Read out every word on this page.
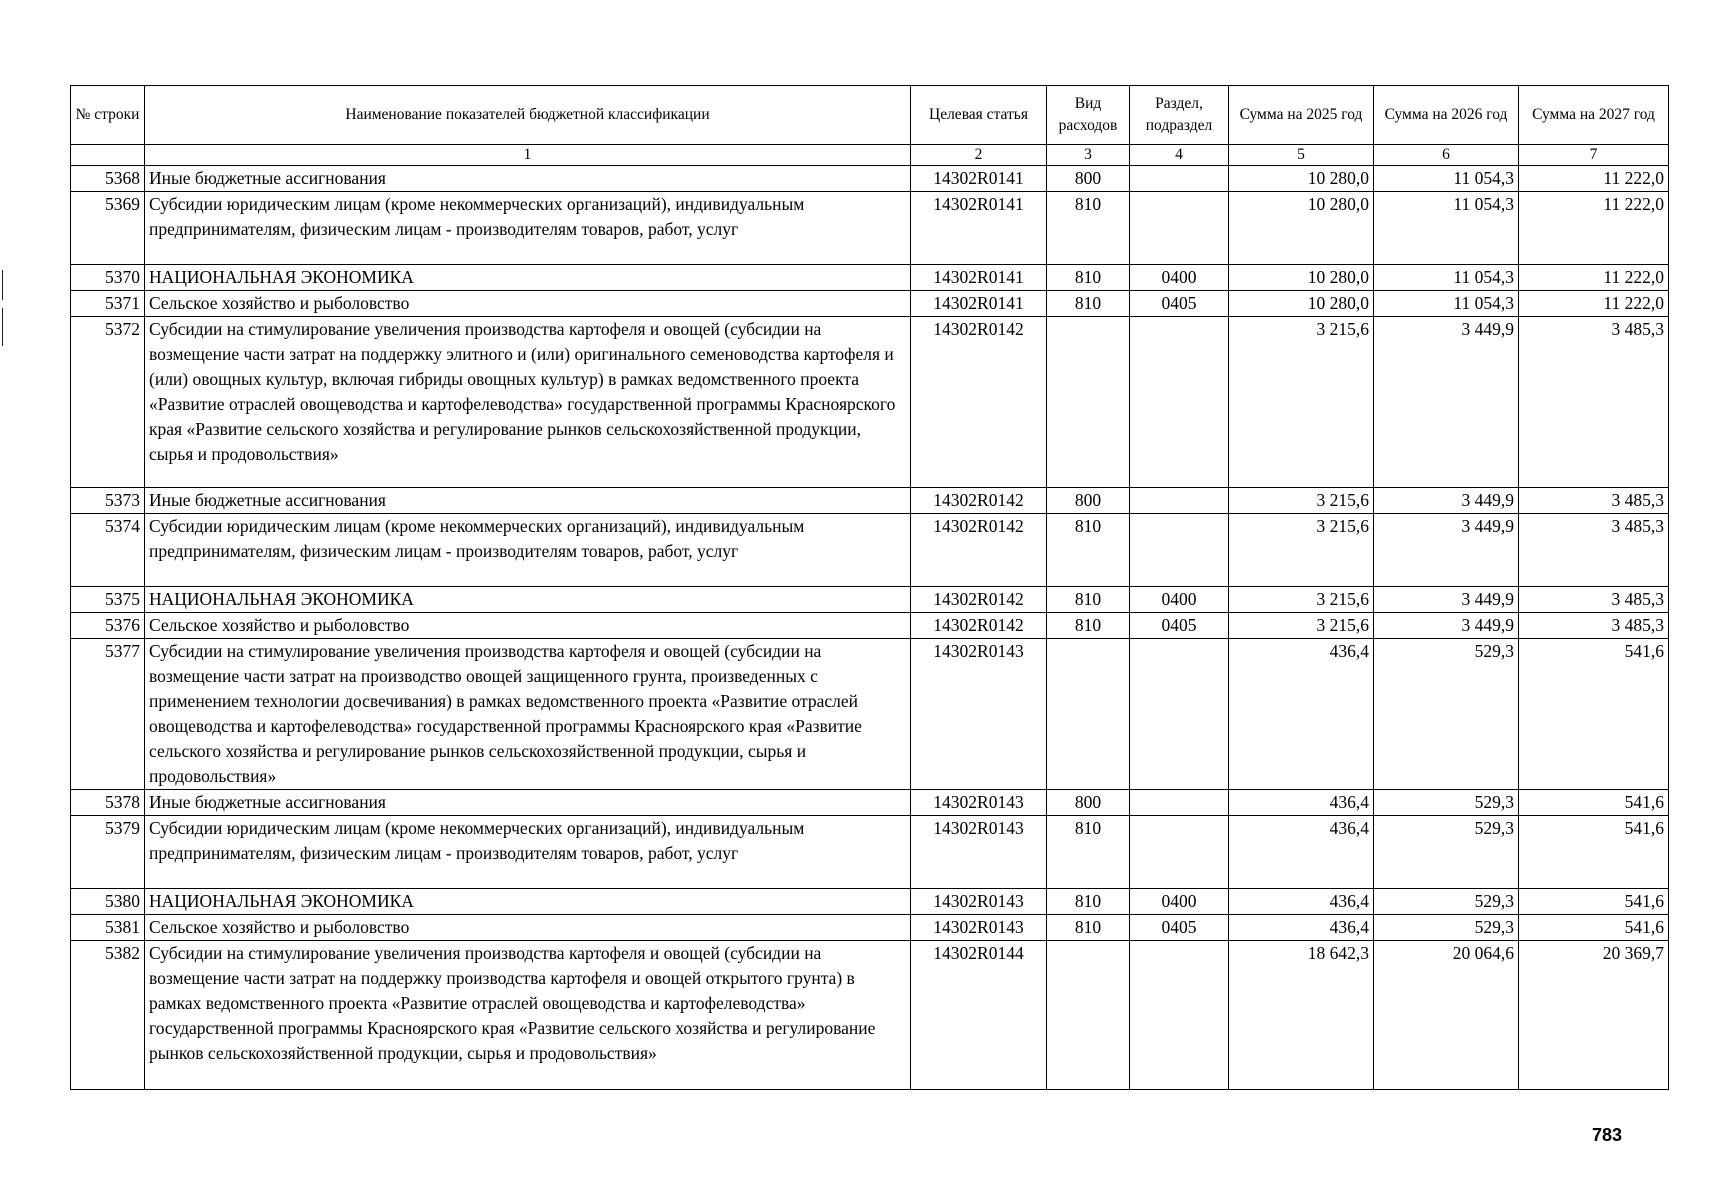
№ строки	Наименование показателей бюджетной классификации	Целевая статья	Вид расходов	Раздел, подраздел	Сумма на 2025 год	Сумма на 2026 год	Сумма на 2027 год
	1	2	3	4	5	6	7
5368	Иные бюджетные ассигнования	14302R0141	800		10 280,0	11 054,3	11 222,0
5369	Субсидии юридическим лицам (кроме некоммерческих организаций), индивидуальным предпринимателям, физическим лицам - производителям товаров, работ, услуг	14302R0141	810		10 280,0	11 054,3	11 222,0
5370	НАЦИОНАЛЬНАЯ ЭКОНОМИКА	14302R0141	810	0400	10 280,0	11 054,3	11 222,0
5371	Сельское хозяйство и рыболовство	14302R0141	810	0405	10 280,0	11 054,3	11 222,0
5372	Субсидии на стимулирование увеличения производства картофеля и овощей (субсидии на возмещение части затрат на поддержку элитного и (или) оригинального семеноводства картофеля и (или) овощных культур, включая гибриды овощных культур) в рамках ведомственного проекта «Развитие отраслей овощеводства и картофелеводства» государственной программы Красноярского края «Развитие сельского хозяйства и регулирование рынков сельскохозяйственной продукции, сырья и продовольствия»	14302R0142			3 215,6	3 449,9	3 485,3
5373	Иные бюджетные ассигнования	14302R0142	800		3 215,6	3 449,9	3 485,3
5374	Субсидии юридическим лицам (кроме некоммерческих организаций), индивидуальным предпринимателям, физическим лицам - производителям товаров, работ, услуг	14302R0142	810		3 215,6	3 449,9	3 485,3
5375	НАЦИОНАЛЬНАЯ ЭКОНОМИКА	14302R0142	810	0400	3 215,6	3 449,9	3 485,3
5376	Сельское хозяйство и рыболовство	14302R0142	810	0405	3 215,6	3 449,9	3 485,3
5377	Субсидии на стимулирование увеличения производства картофеля и овощей (субсидии на возмещение части затрат на производство овощей защищенного грунта, произведенных с применением технологии досвечивания) в рамках ведомственного проекта «Развитие отраслей овощеводства и картофелеводства» государственной программы Красноярского края «Развитие сельского хозяйства и регулирование рынков сельскохозяйственной продукции, сырья и продовольствия»	14302R0143			436,4	529,3	541,6
5378	Иные бюджетные ассигнования	14302R0143	800		436,4	529,3	541,6
5379	Субсидии юридическим лицам (кроме некоммерческих организаций), индивидуальным предпринимателям, физическим лицам - производителям товаров, работ, услуг	14302R0143	810		436,4	529,3	541,6
5380	НАЦИОНАЛЬНАЯ ЭКОНОМИКА	14302R0143	810	0400	436,4	529,3	541,6
5381	Сельское хозяйство и рыболовство	14302R0143	810	0405	436,4	529,3	541,6
5382	Субсидии на стимулирование увеличения производства картофеля и овощей (субсидии на возмещение части затрат на поддержку производства картофеля и овощей открытого грунта) в рамках ведомственного проекта «Развитие отраслей овощеводства и картофелеводства» государственной программы Красноярского края «Развитие сельского хозяйства и регулирование рынков сельскохозяйственной продукции, сырья и продовольствия»	14302R0144			18 642,3	20 064,6	20 369,7
783
